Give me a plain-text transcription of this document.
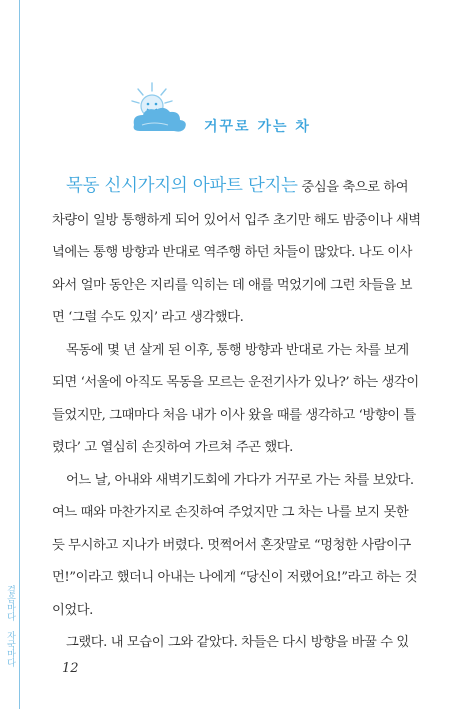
거꾸로 가는 차

목동 신시가지의 아파트 단지는 중심을 축으로 하여

차량이 일방 통행하게 되어 있어서 입주 초기만 해도 밤중이나 새벽

녘에는 통행 방향과 반대로 역주행 하던 차들이 많았다. 나도 이사

와서 얼마 동안은 지리를 익히는 데 애를 먹었기에 그런 차들을 보

면 ‘그럴 수도 있지’ 라고 생각했다.

목동에 몇 년 살게 된 이후, 통행 방향과 반대로 가는 차를 보게

되면 ‘서울에 아직도 목동을 모르는 운전기사가 있나?’ 하는 생각이

들었지만, 그때마다 처음 내가 이사 왔을 때를 생각하고 ‘방향이 틀

렸다’ 고 열심히 손짓하여 가르쳐 주곤 했다.

어느 날, 아내와 새벽기도회에 가다가 거꾸로 가는 차를 보았다.

여느 때와 마찬가지로 손짓하여 주었지만 그 차는 나를 보지 못한

듯 무시하고 지나가 버렸다. 멋쩍어서 혼잣말로 “멍청한 사람이구

먼!”이라고 했더니 아내는 나에게 “당신이 저랬어요!”라고 하는 것

이었다.

그랬다. 내 모습이 그와 같았다. 차들은 다시 방향을 바꿀 수 있

걸음마다 자국마다
12
